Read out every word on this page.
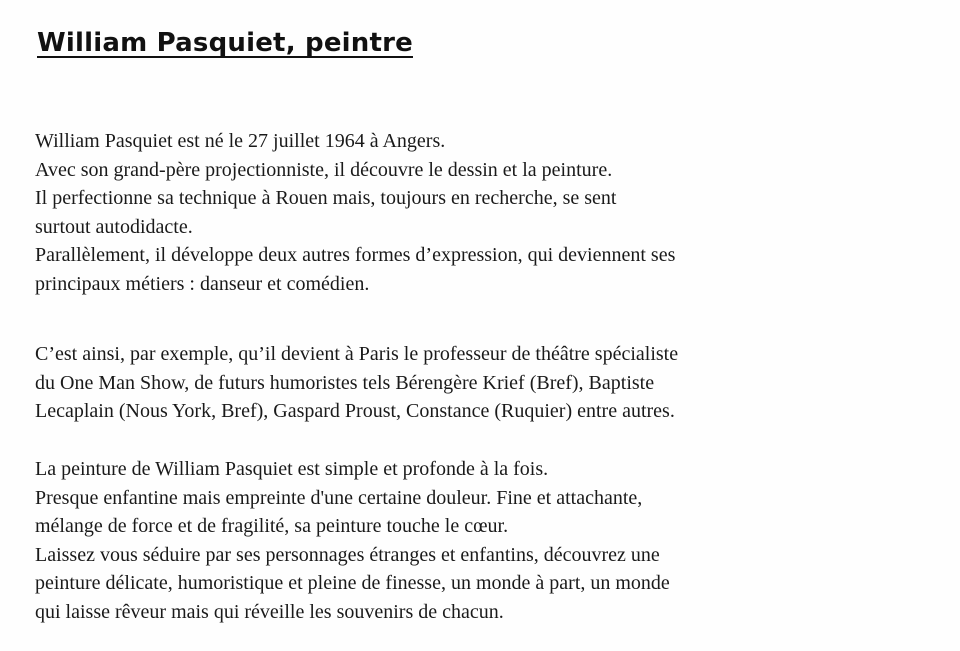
William Pasquiet, peintre
William Pasquiet est né le 27 juillet 1964 à Angers.
Avec son grand-père projectionniste, il découvre le dessin et la peinture.
Il perfectionne sa technique à Rouen mais, toujours en recherche, se sent
surtout autodidacte.
Parallèlement, il développe deux autres formes d’expression, qui deviennent ses
principaux métiers : danseur et comédien.
C’est ainsi, par exemple, qu’il devient à Paris le professeur de théâtre spécialiste
du One Man Show, de futurs humoristes tels Bérengère Krief (Bref), Baptiste
Lecaplain (Nous York, Bref), Gaspard Proust, Constance (Ruquier) entre autres.
La peinture de William Pasquiet est simple et profonde à la fois.
Presque enfantine mais empreinte d'une certaine douleur. Fine et attachante,
mélange de force et de fragilité, sa peinture touche le cœur.
Laissez vous séduire par ses personnages étranges et enfantins, découvrez une
peinture délicate, humoristique et pleine de finesse, un monde à part, un monde
qui laisse rêveur mais qui réveille les souvenirs de chacun.
